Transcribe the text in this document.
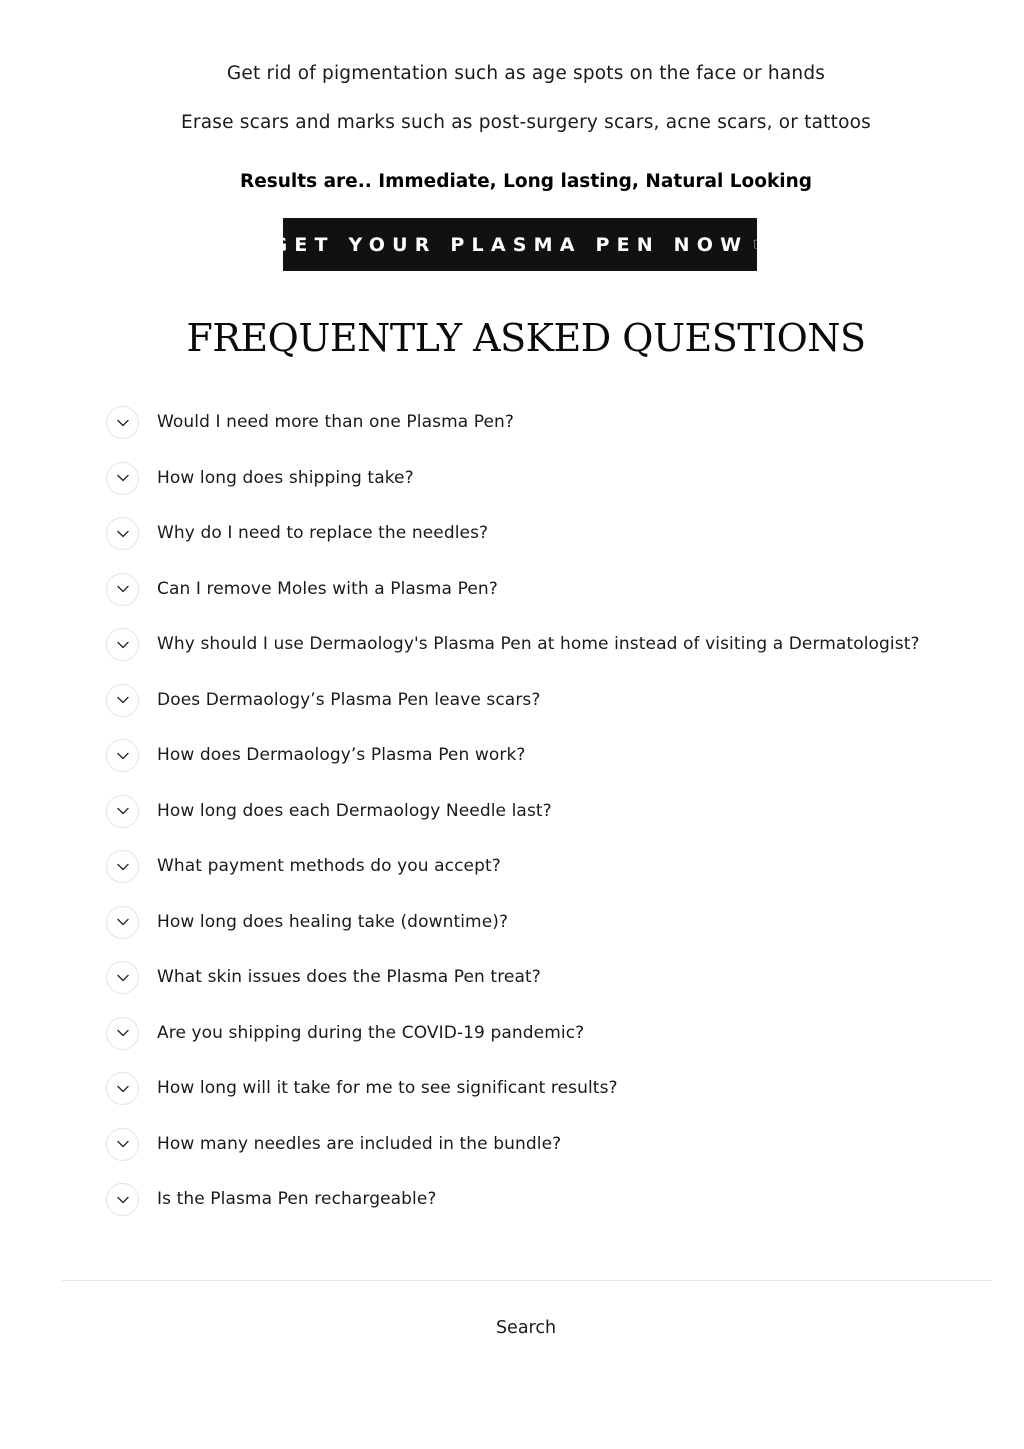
Get rid of pigmentation such as age spots on the face or hands
Erase scars and marks such as post-surgery scars, acne scars, or tattoos
Results are.. Immediate, Long lasting, Natural Looking
GET YOUR PLASMA PEN NOW ☞
FREQUENTLY ASKED QUESTIONS
Would I need more than one Plasma Pen?
How long does shipping take?
Why do I need to replace the needles?
Can I remove Moles with a Plasma Pen?
Why should I use Dermaology's Plasma Pen at home instead of visiting a Dermatologist?
Does Dermaology’s Plasma Pen leave scars?
How does Dermaology’s Plasma Pen work?
How long does each Dermaology Needle last?
What payment methods do you accept?
How long does healing take (downtime)?
What skin issues does the Plasma Pen treat?
Are you shipping during the COVID-19 pandemic?
How long will it take for me to see significant results?
How many needles are included in the bundle?
Is the Plasma Pen rechargeable?
Search
